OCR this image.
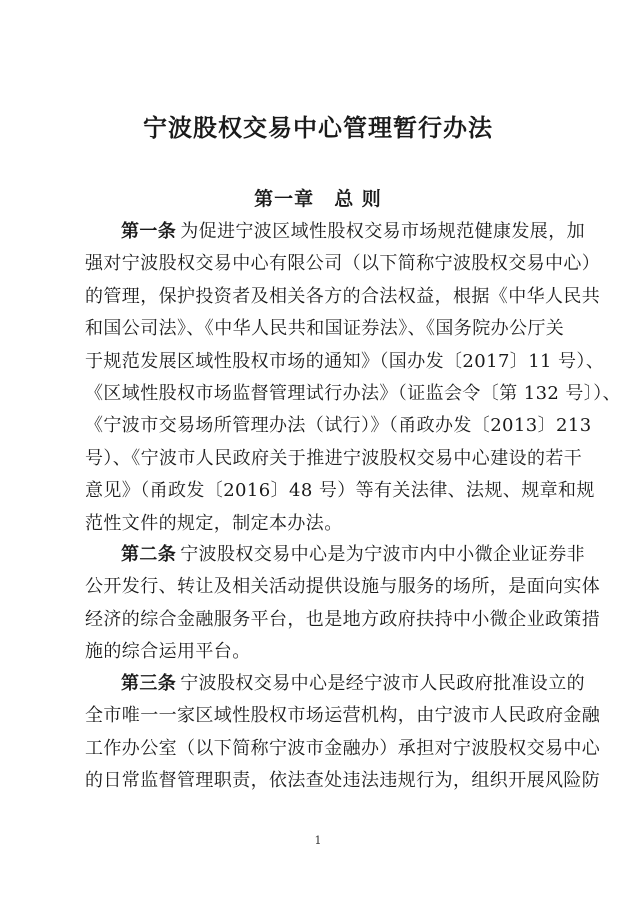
宁波股权交易中心管理暂行办法
第一章 总 则
第一条 为促进宁波区域性股权交易市场规范健康发展，加
强对宁波股权交易中心有限公司（以下简称宁波股权交易中心）
的管理，保护投资者及相关各方的合法权益，根据《中华人民共
和国公司法》、《中华人民共和国证券法》、《国务院办公厅关
于规范发展区域性股权市场的通知》（国办发〔2017〕11 号）、
《区域性股权市场监督管理试行办法》（证监会令〔第 132 号〕）、
《宁波市交易场所管理办法（试行）》（甬政办发〔2013〕213
号）、《宁波市人民政府关于推进宁波股权交易中心建设的若干
意见》（甬政发〔2016〕48 号）等有关法律、法规、规章和规
范性文件的规定，制定本办法。
第二条 宁波股权交易中心是为宁波市内中小微企业证券非
公开发行、转让及相关活动提供设施与服务的场所，是面向实体
经济的综合金融服务平台，也是地方政府扶持中小微企业政策措
施的综合运用平台。
第三条 宁波股权交易中心是经宁波市人民政府批准设立的
全市唯一一家区域性股权市场运营机构，由宁波市人民政府金融
工作办公室（以下简称宁波市金融办）承担对宁波股权交易中心
的日常监督管理职责，依法查处违法违规行为，组织开展风险防
1
